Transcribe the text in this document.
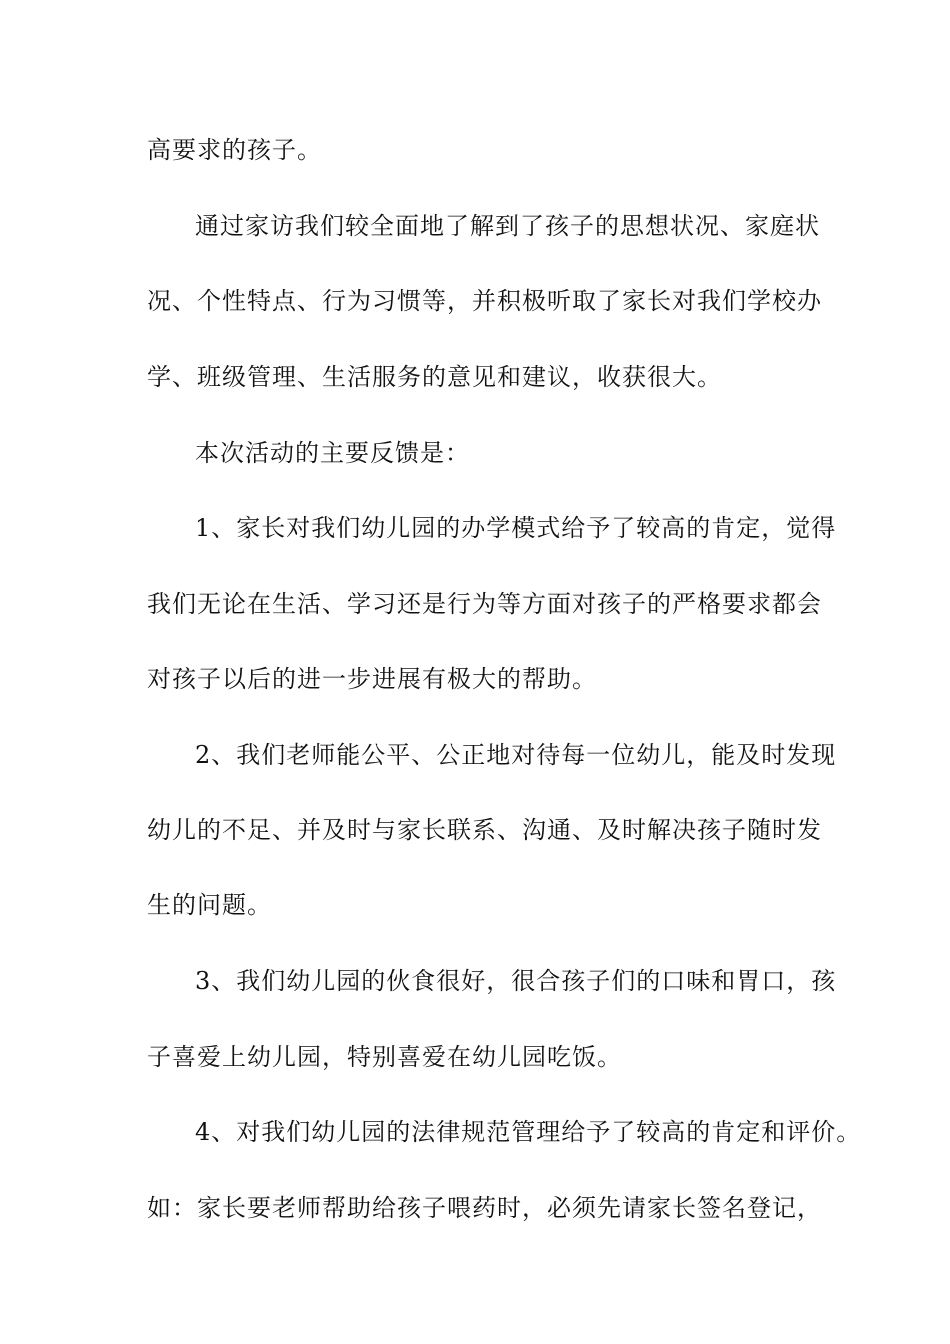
高要求的孩子。
通过家访我们较全面地了解到了孩子的思想状况、家庭状
况、个性特点、行为习惯等，并积极听取了家长对我们学校办
学、班级管理、生活服务的意见和建议，收获很大。
本次活动的主要反馈是：
1、家长对我们幼儿园的办学模式给予了较高的肯定，觉得
我们无论在生活、学习还是行为等方面对孩子的严格要求都会
对孩子以后的进一步进展有极大的帮助。
2、我们老师能公平、公正地对待每一位幼儿，能及时发现
幼儿的不足、并及时与家长联系、沟通、及时解决孩子随时发
生的问题。
3、我们幼儿园的伙食很好，很合孩子们的口味和胃口，孩
子喜爱上幼儿园，特别喜爱在幼儿园吃饭。
4、对我们幼儿园的法律规范管理给予了较高的肯定和评价。
如：家长要老师帮助给孩子喂药时，必须先请家长签名登记，
